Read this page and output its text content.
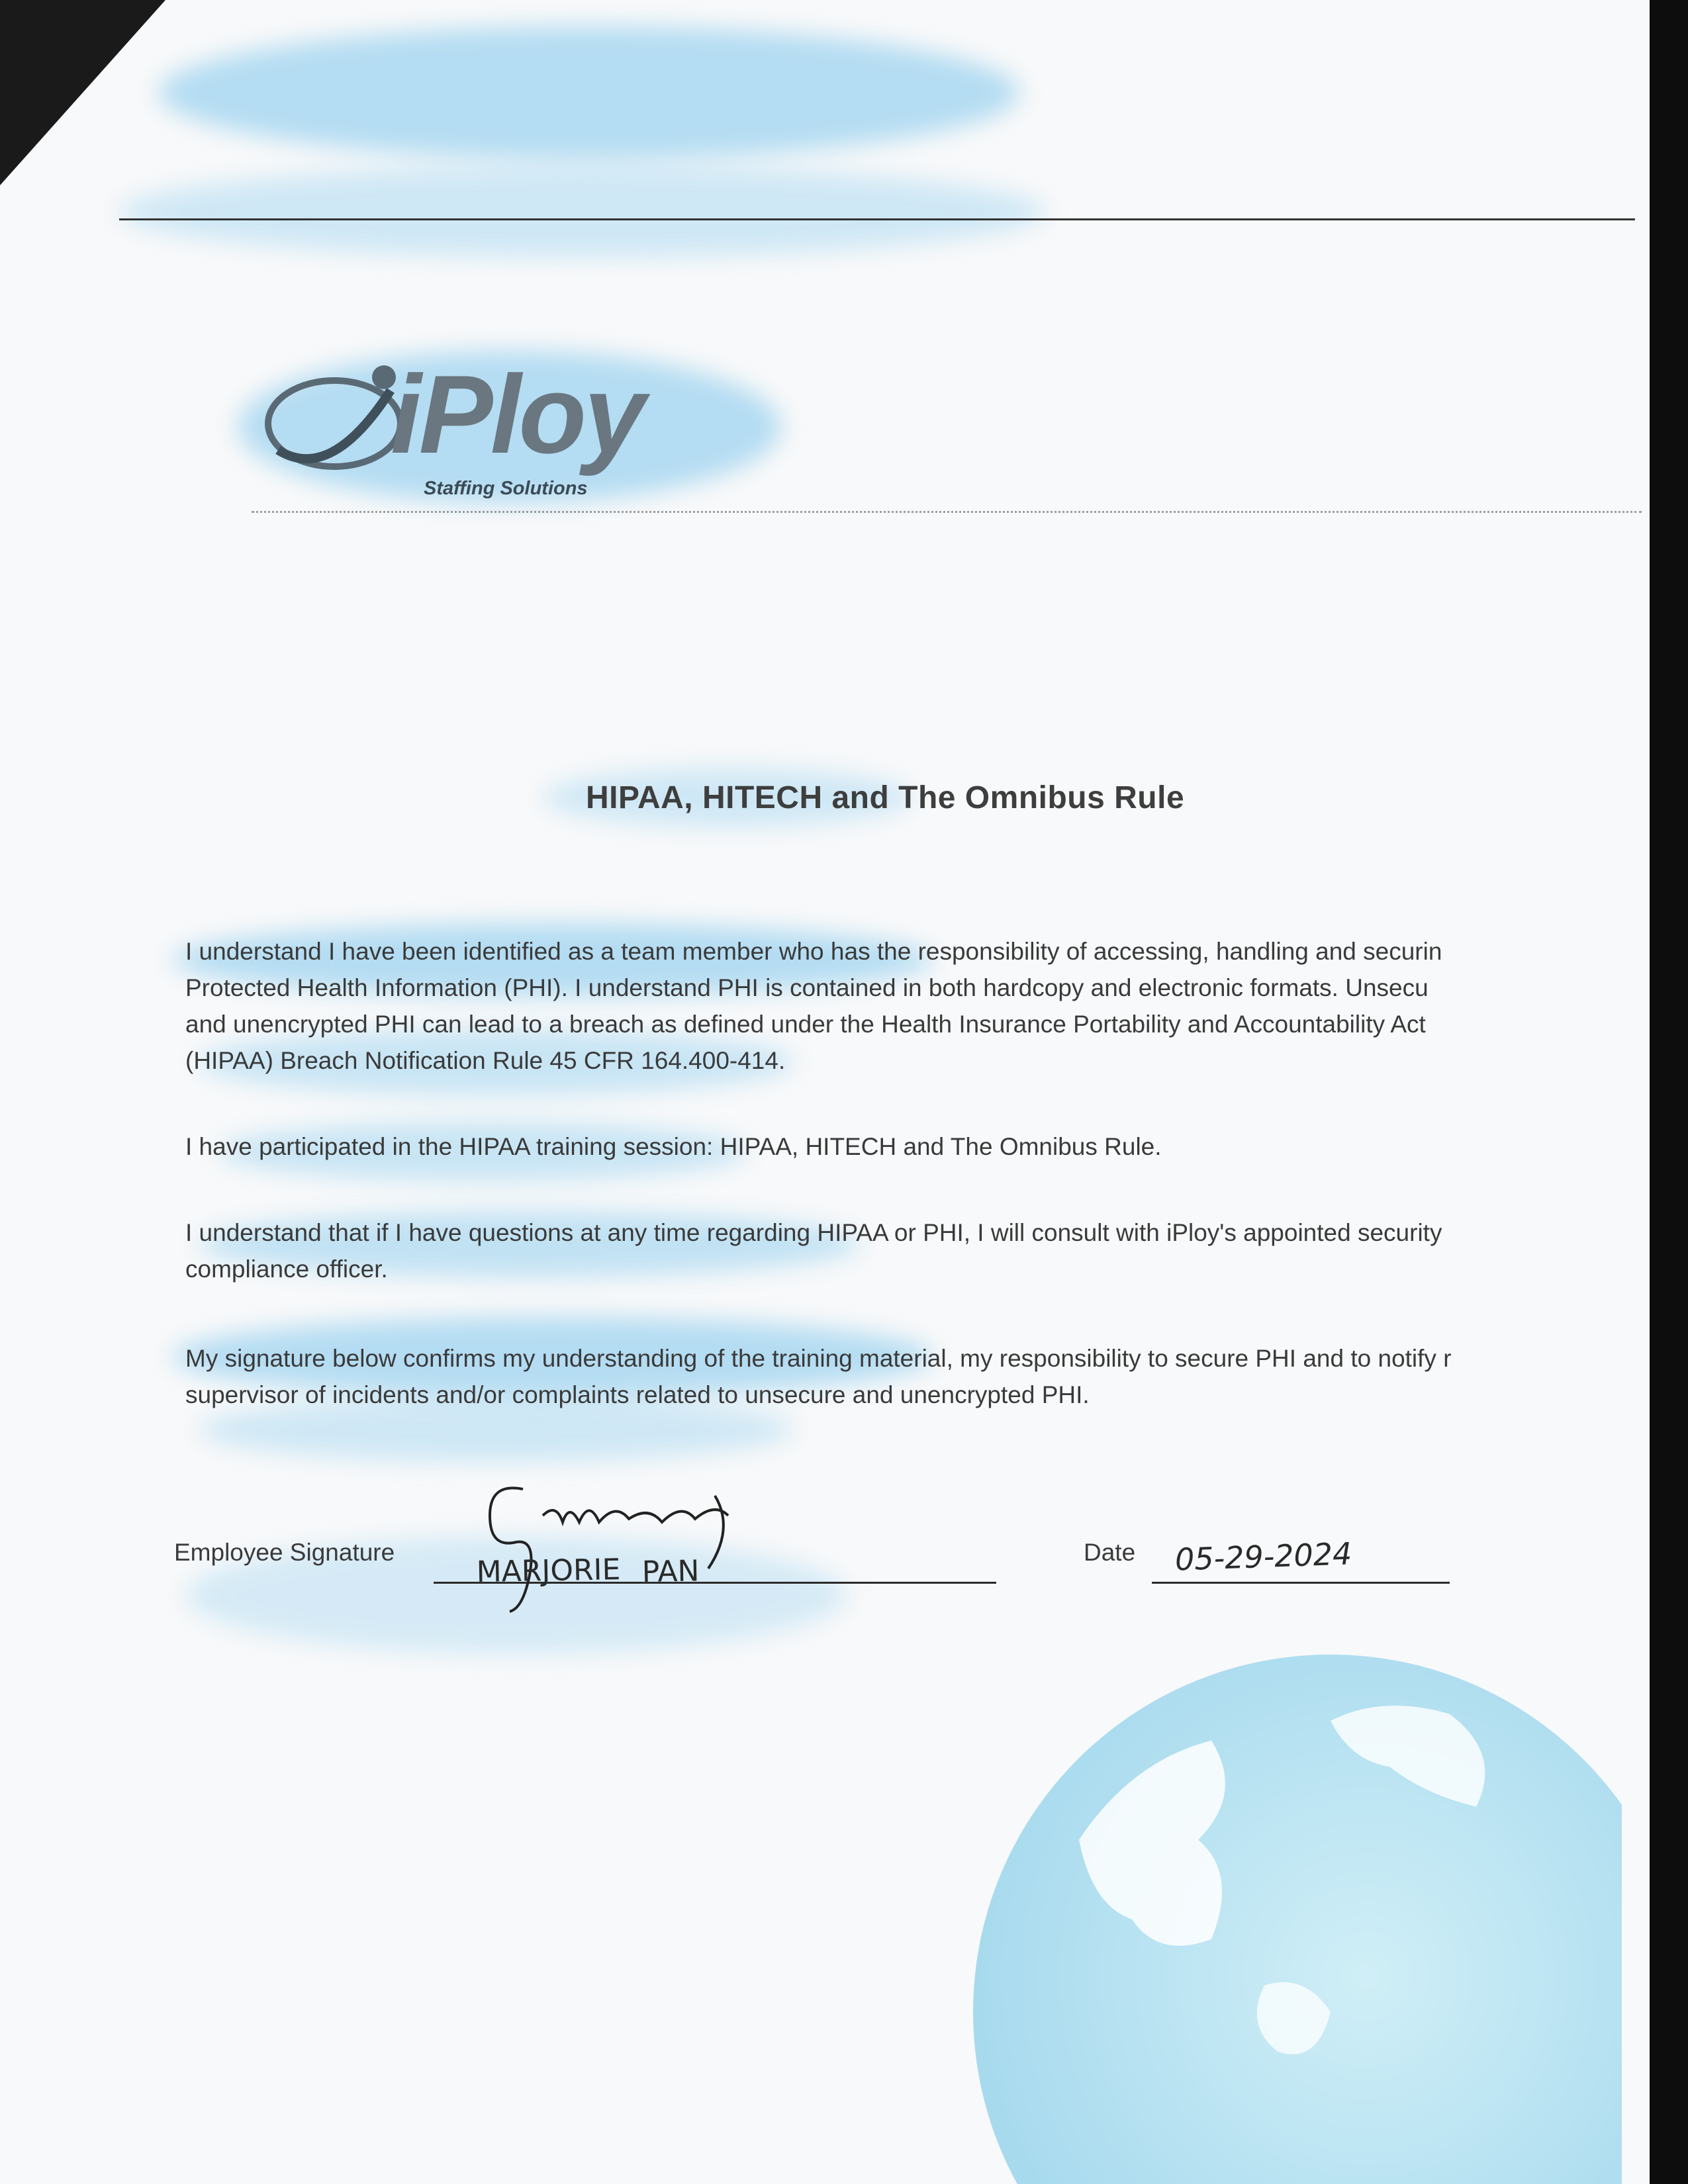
iPloy
Staffing Solutions
HIPAA, HITECH and The Omnibus Rule
I understand I have been identified as a team member who has the responsibility of accessing, handling and securin
Protected Health Information (PHI). I understand PHI is contained in both hardcopy and electronic formats. Unsecu
and unencrypted PHI can lead to a breach as defined under the Health Insurance Portability and Accountability Act
(HIPAA) Breach Notification Rule 45 CFR 164.400-414.
I have participated in the HIPAA training session: HIPAA, HITECH and The Omnibus Rule.
I understand that if I have questions at any time regarding HIPAA or PHI, I will consult with iPloy's appointed security
compliance officer.
My signature below confirms my understanding of the training material, my responsibility to secure PHI and to notify r
supervisor of incidents and/or complaints related to unsecure and unencrypted PHI.
Employee Signature
MARJORIE PAN
Date 05-29-2024
